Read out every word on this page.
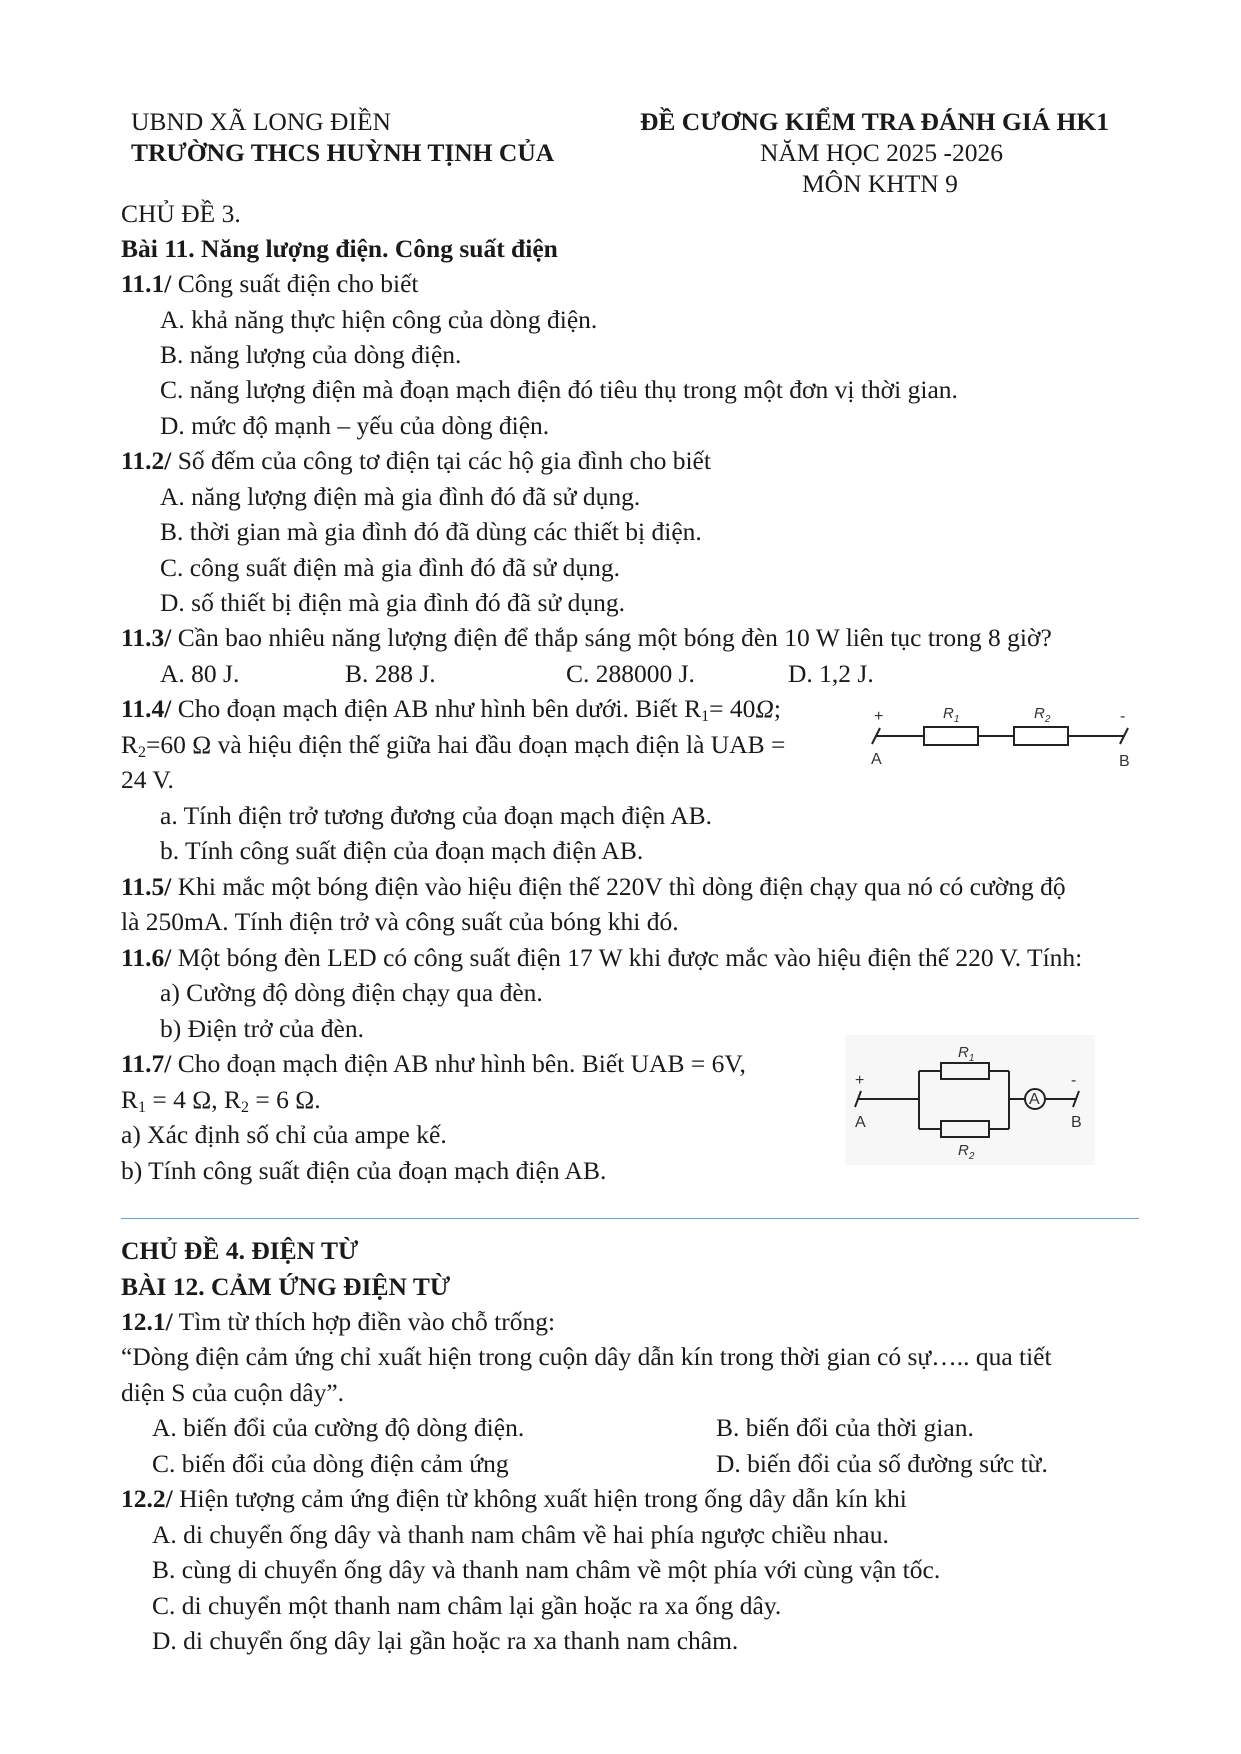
UBND XÃ LONG ĐIỀN
TRƯỜNG THCS HUỲNH TỊNH CỦA
ĐỀ CƯƠNG KIỂM TRA ĐÁNH GIÁ HK1
NĂM HỌC 2025 -2026
MÔN KHTN 9
CHỦ ĐỀ 3.
Bài 11. Năng lượng điện. Công suất điện
11.1/ Công suất điện cho biết
A. khả năng thực hiện công của dòng điện.
B. năng lượng của dòng điện.
C. năng lượng điện mà đoạn mạch điện đó tiêu thụ trong một đơn vị thời gian.
D. mức độ mạnh – yếu của dòng điện.
11.2/ Số đếm của công tơ điện tại các hộ gia đình cho biết
A. năng lượng điện mà gia đình đó đã sử dụng.
B. thời gian mà gia đình đó đã dùng các thiết bị điện.
C. công suất điện mà gia đình đó đã sử dụng.
D. số thiết bị điện mà gia đình đó đã sử dụng.
11.3/ Cần bao nhiêu năng lượng điện để thắp sáng một bóng đèn 10 W liên tục trong 8 giờ?
A. 80 J.	B. 288 J.	C. 288000 J.	D. 1,2 J.
11.4/ Cho đoạn mạch điện AB như hình bên dưới. Biết $R_1= 40\Omega$;
$R_2=60$ Ω và hiệu điện thế giữa hai đầu đoạn mạch điện là UAB =
24 V.
a. Tính điện trở tương đương của đoạn mạch điện AB.
b. Tính công suất điện của đoạn mạch điện AB.
+	-
A	B
$R_1$	$R_2$
11.5/ Khi mắc một bóng điện vào hiệu điện thế 220V thì dòng điện chạy qua nó có cường độ
là 250mA. Tính điện trở và công suất của bóng khi đó.
11.6/ Một bóng đèn LED có công suất điện 17 W khi được mắc vào hiệu điện thế 220 V. Tính:
a) Cường độ dòng điện chạy qua đèn.
b) Điện trở của đèn.
11.7/ Cho đoạn mạch điện AB như hình bên. Biết UAB = 6V,
$R_1 = 4$ Ω, $R_2 = 6$ Ω.
a) Xác định số chỉ của ampe kế.
b) Tính công suất điện của đoạn mạch điện AB.
A
+	-
A	B
$R_1$
$R_2$
CHỦ ĐỀ 4. ĐIỆN TỪ
BÀI 12. CẢM ỨNG ĐIỆN TỪ
12.1/ Tìm từ thích hợp điền vào chỗ trống:
“Dòng điện cảm ứng chỉ xuất hiện trong cuộn dây dẫn kín trong thời gian có sự….. qua tiết
diện S của cuộn dây”.
A. biến đổi của cường độ dòng điện.	B. biến đổi của thời gian.
C. biến đổi của dòng điện cảm ứng	D. biến đổi của số đường sức từ.
12.2/ Hiện tượng cảm ứng điện từ không xuất hiện trong ống dây dẫn kín khi
A. di chuyển ống dây và thanh nam châm về hai phía ngược chiều nhau.
B. cùng di chuyển ống dây và thanh nam châm về một phía với cùng vận tốc.
C. di chuyển một thanh nam châm lại gần hoặc ra xa ống dây.
D. di chuyển ống dây lại gần hoặc ra xa thanh nam châm.
